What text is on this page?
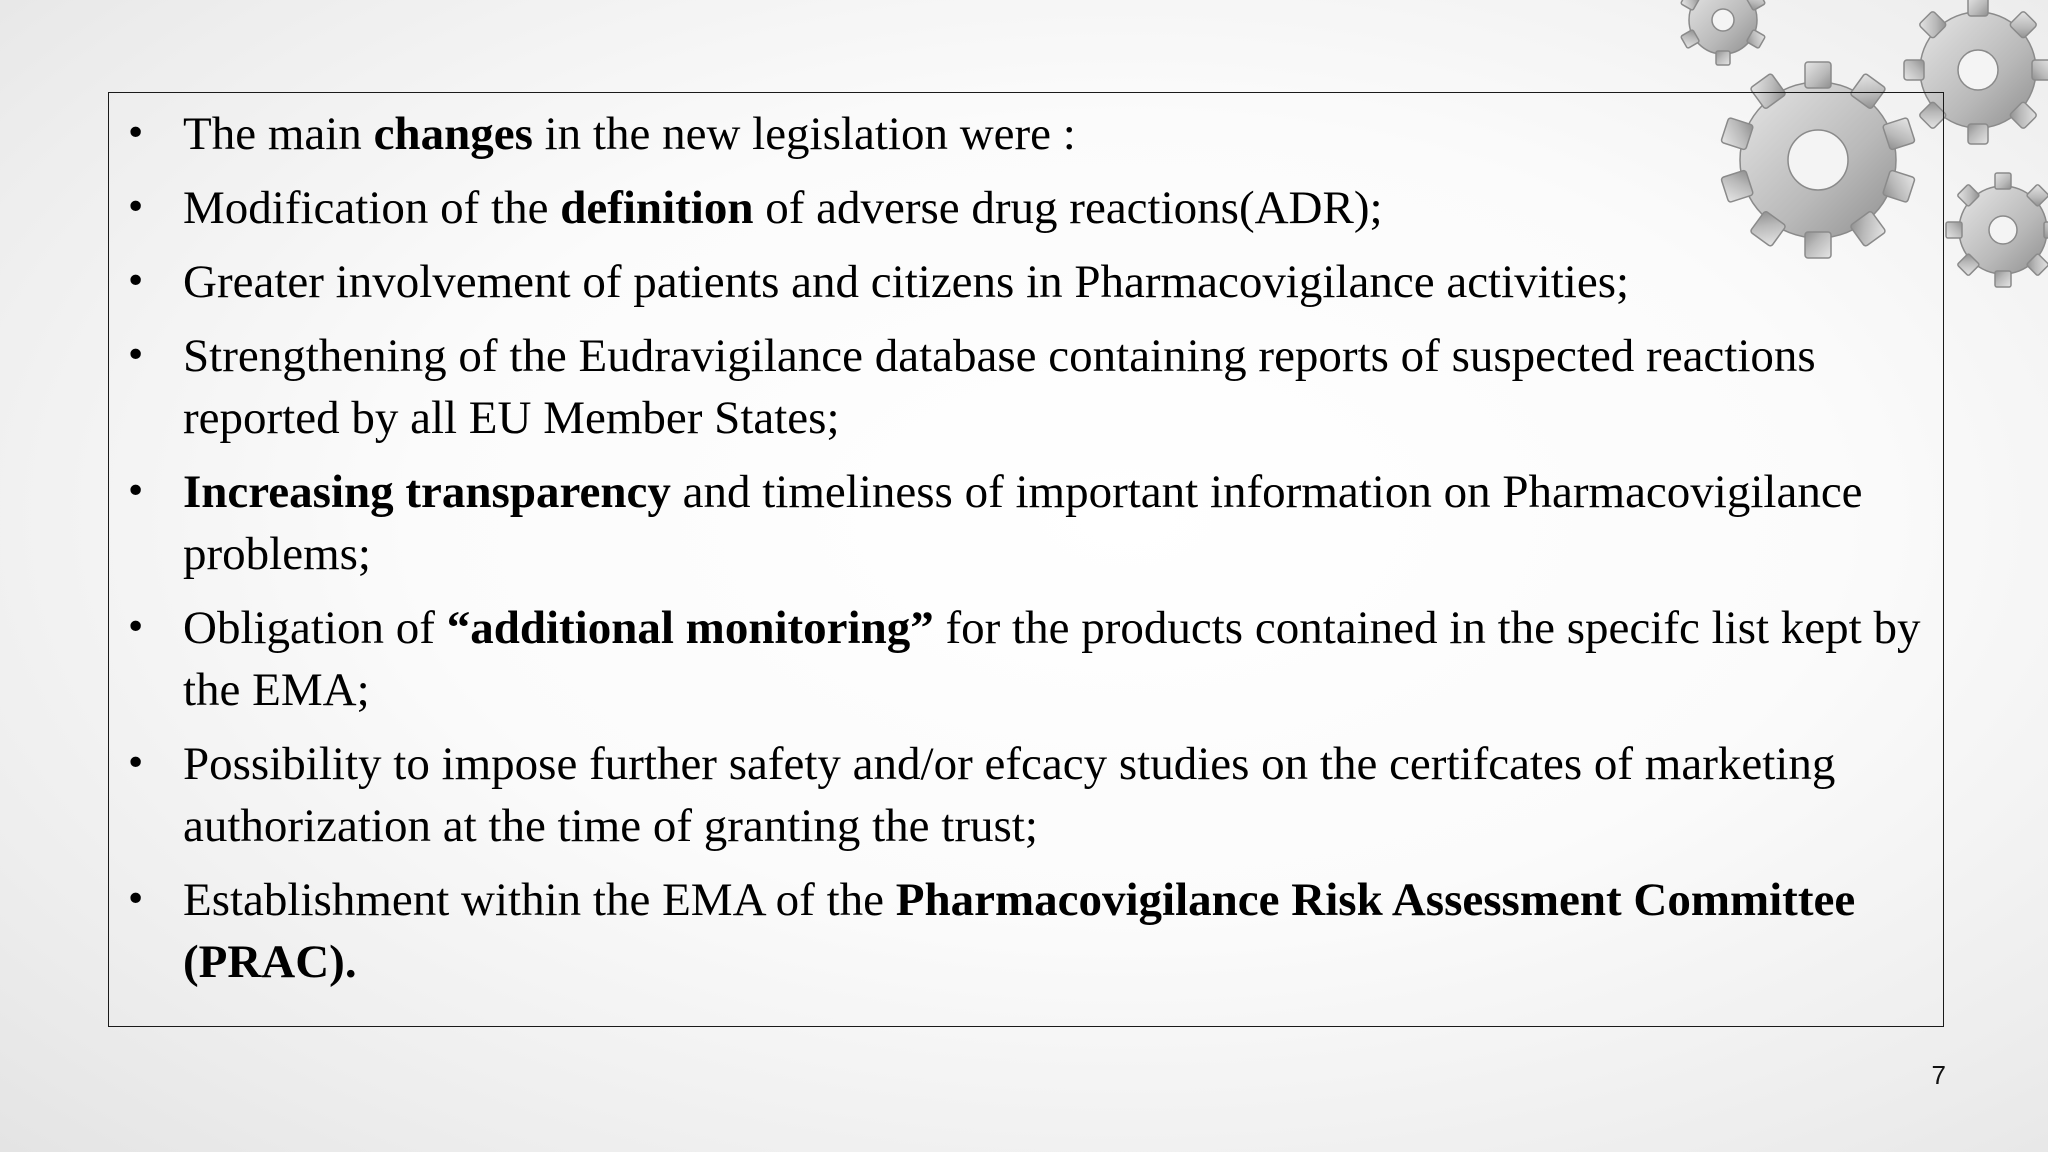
• The main changes in the new legislation were :
• Modification of the definition of adverse drug reactions(ADR);
• Greater involvement of patients and citizens in Pharmacovigilance activities;
• Strengthening of the Eudravigilance database containing reports of suspected reactions reported by all EU Member States;
• Increasing transparency and timeliness of important information on Pharmacovigilance problems;
• Obligation of “additional monitoring” for the products contained in the specifc list kept by the EMA;
• Possibility to impose further safety and/or efcacy studies on the certifcates of marketing authorization at the time of granting the trust;
• Establishment within the EMA of the Pharmacovigilance Risk Assessment Committee (PRAC).
7
